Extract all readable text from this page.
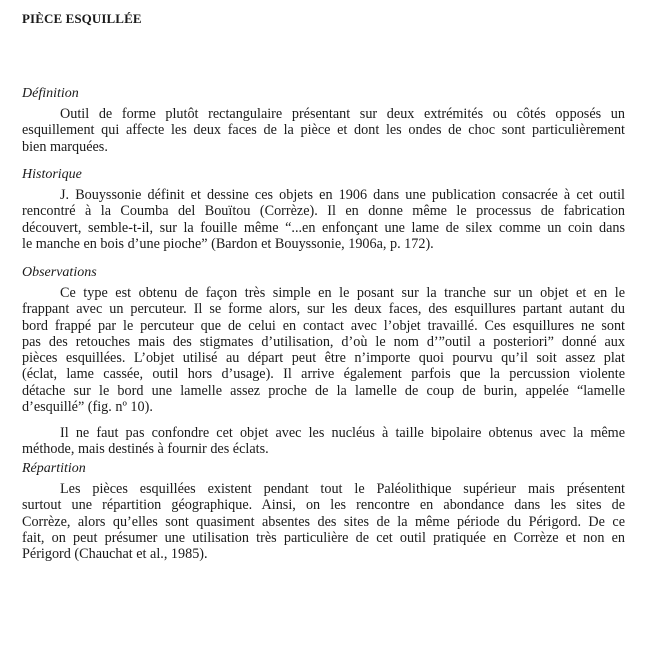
PIÈCE ESQUILLÉE
Définition
Outil de forme plutôt rectangulaire présentant sur deux extrémités ou côtés opposés un
esquillement qui affecte les deux faces de la pièce et dont les ondes de choc sont particulièrement
bien marquées.
Historique
J. Bouyssonie définit et dessine ces objets en 1906 dans une publication consacrée à cet outil
rencontré à la Coumba del Bouïtou (Corrèze). Il en donne même le processus de fabrication
découvert, semble-t-il, sur la fouille même “...en enfonçant une lame de silex comme un coin dans
le manche en bois d’une pioche” (Bardon et Bouyssonie, 1906a, p. 172).
Observations
Ce type est obtenu de façon très simple en le posant sur la tranche sur un objet et en le
frappant avec un percuteur. Il se forme alors, sur les deux faces, des esquillures partant autant du
bord frappé par le percuteur que de celui en contact avec l’objet travaillé. Ces esquillures ne sont
pas des retouches mais des stigmates d’utilisation, d’où le nom d’”outil a posteriori” donné aux
pièces esquillées. L’objet utilisé au départ peut être n’importe quoi pourvu qu’il soit assez plat
(éclat, lame cassée, outil hors d’usage). Il arrive également parfois que la percussion violente
détache sur le bord une lamelle assez proche de la lamelle de coup de burin, appelée “lamelle
d’esquillé” (fig. nº 10).
Il ne faut pas confondre cet objet avec les nucléus à taille bipolaire obtenus avec la même
méthode, mais destinés à fournir des éclats.
Répartition
Les pièces esquillées existent pendant tout le Paléolithique supérieur mais présentent
surtout une répartition géographique. Ainsi, on les rencontre en abondance dans les sites de
Corrèze, alors qu’elles sont quasiment absentes des sites de la même période du Périgord. De ce
fait, on peut présumer une utilisation très particulière de cet outil pratiquée en Corrèze et non en
Périgord (Chauchat et al., 1985).
